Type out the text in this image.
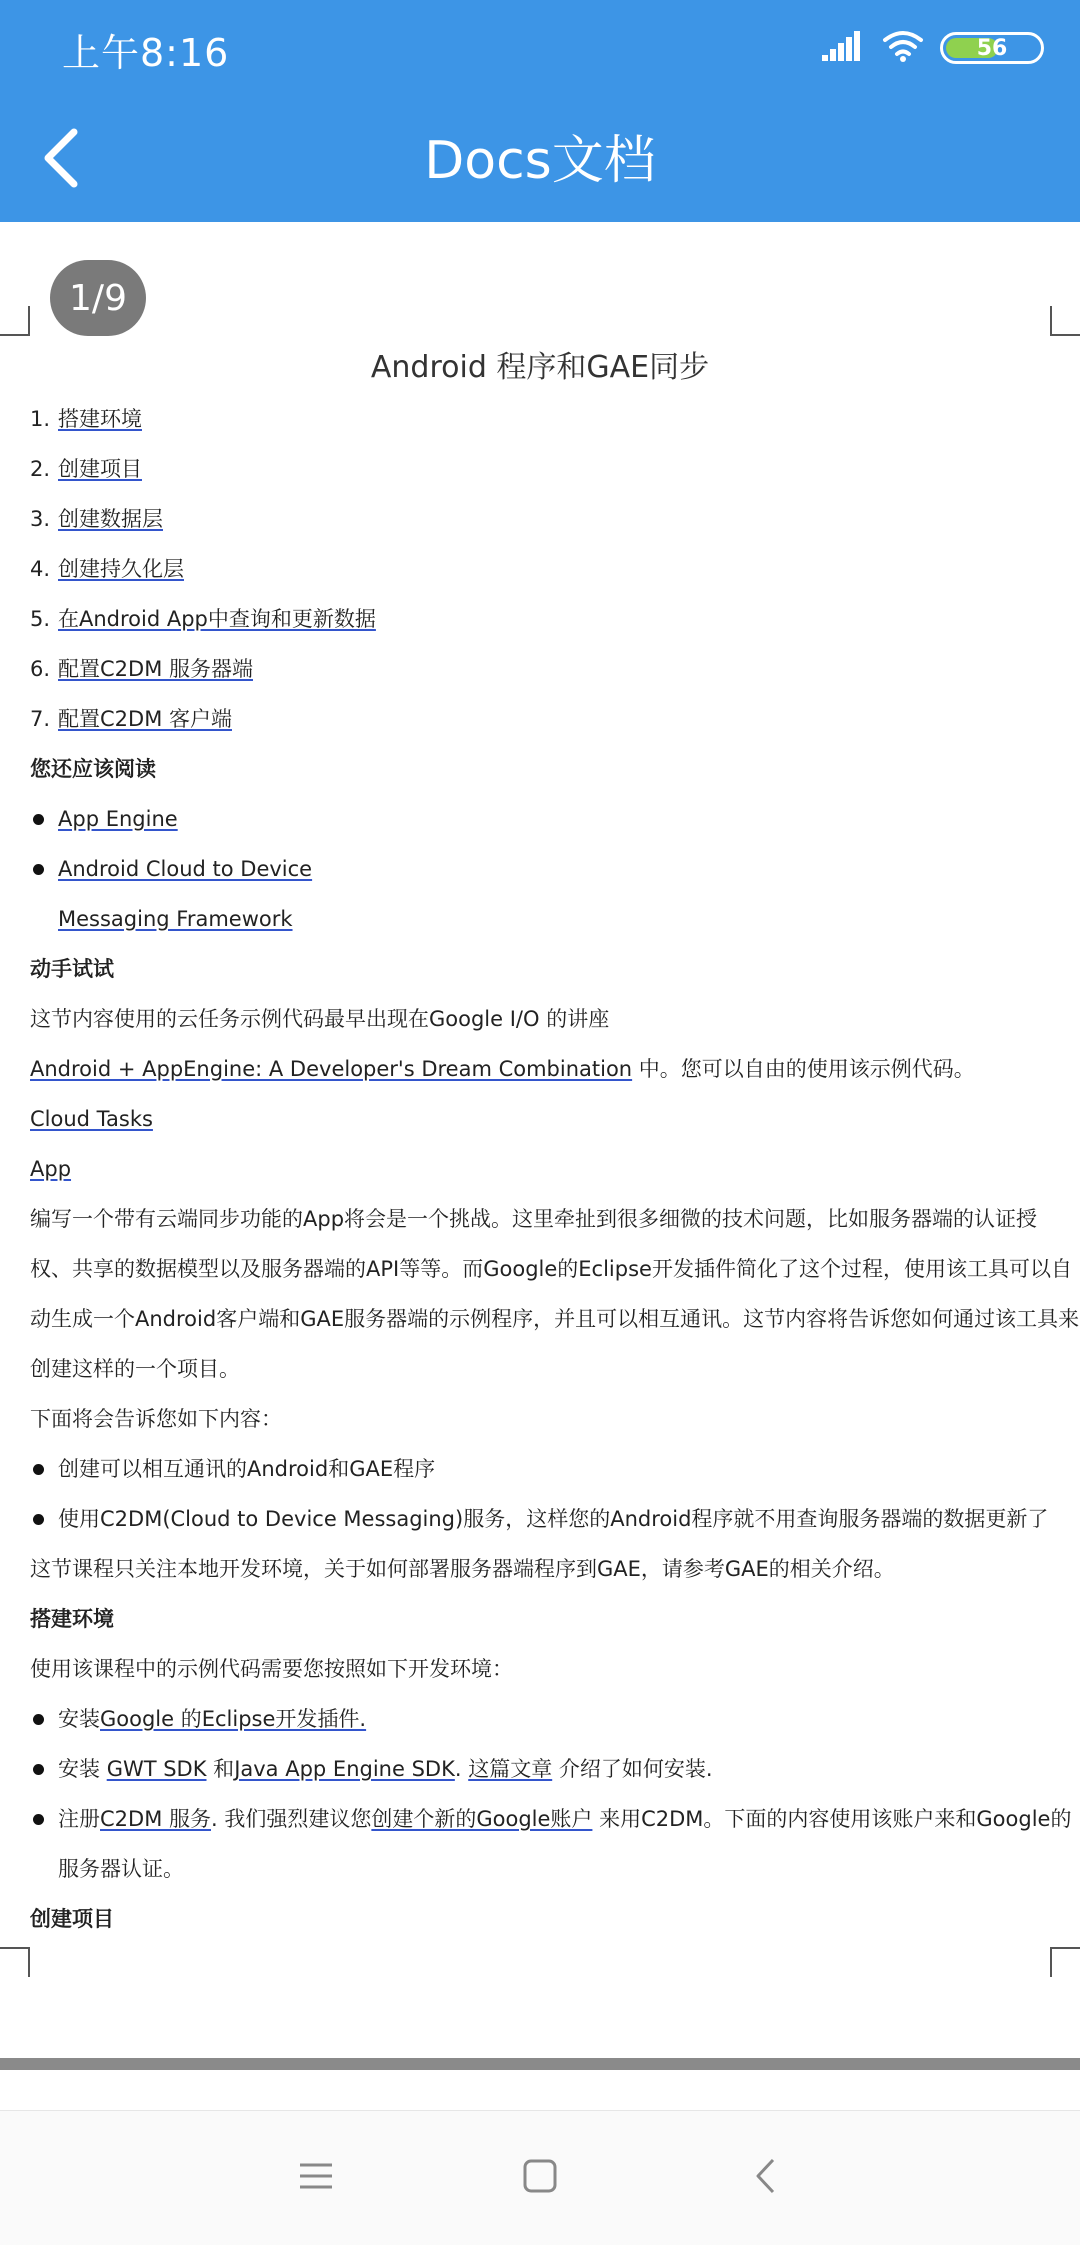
上午8:16	56
Docs文档
1/9
Android 程序和GAE同步
1. 搭建环境
2. 创建项目
3. 创建数据层
4. 创建持久化层
5. 在Android App中查询和更新数据
6. 配置C2DM 服务器端
7. 配置C2DM 客户端
您还应该阅读
App Engine
Android Cloud to Device
Messaging Framework
动手试试
这节内容使用的云任务示例代码最早出现在Google I/O 的讲座
Android + AppEngine: A Developer's Dream Combination 中。您可以自由的使用该示例代码。
Cloud Tasks
App
编写一个带有云端同步功能的App将会是一个挑战。这里牵扯到很多细微的技术问题，比如服务器端的认证授
权、共享的数据模型以及服务器端的API等等。而Google的Eclipse开发插件简化了这个过程，使用该工具可以自
动生成一个Android客户端和GAE服务器端的示例程序，并且可以相互通讯。这节内容将告诉您如何通过该工具来
创建这样的一个项目。
下面将会告诉您如下内容：
创建可以相互通讯的Android和GAE程序
使用C2DM(Cloud to Device Messaging)服务，这样您的Android程序就不用查询服务器端的数据更新了
这节课程只关注本地开发环境，关于如何部署服务器端程序到GAE，请参考GAE的相关介绍。
搭建环境
使用该课程中的示例代码需要您按照如下开发环境：
安装Google 的Eclipse开发插件.
安装 GWT SDK 和Java App Engine SDK. 这篇文章 介绍了如何安装.
注册C2DM 服务. 我们强烈建议您创建个新的Google账户 来用C2DM。下面的内容使用该账户来和Google的
服务器认证。
创建项目
